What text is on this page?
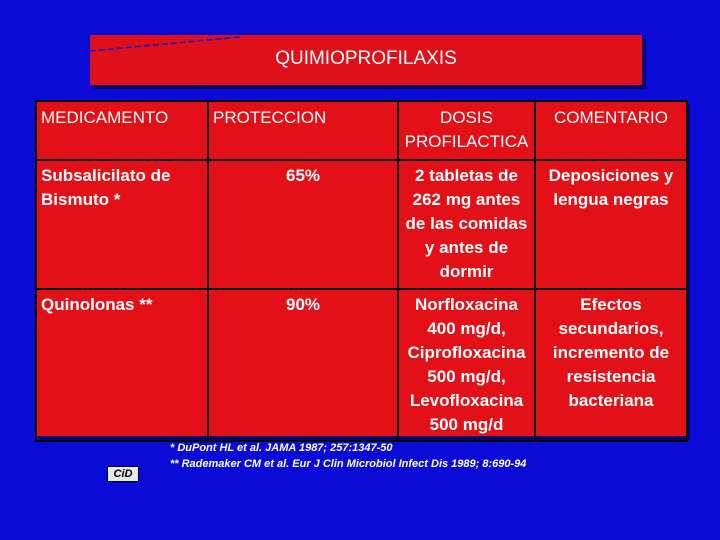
QUIMIOPROFILAXIS
MEDICAMENTO	PROTECCION	DOSIS PROFILACTICA	COMENTARIO
Subsalicilato de Bismuto *	65%	2 tabletas de 262 mg antes de las comidas y antes de dormir	Deposiciones y lengua negras
Quinolonas **	90%	Norfloxacina 400 mg/d, Ciprofloxacina 500 mg/d, Levofloxacina 500 mg/d	Efectos secundarios, incremento de resistencia bacteriana
* DuPont HL et al. JAMA 1987; 257:1347-50
** Rademaker CM et al. Eur J Clin Microbiol Infect Dis 1989; 8:690-94
CiD
